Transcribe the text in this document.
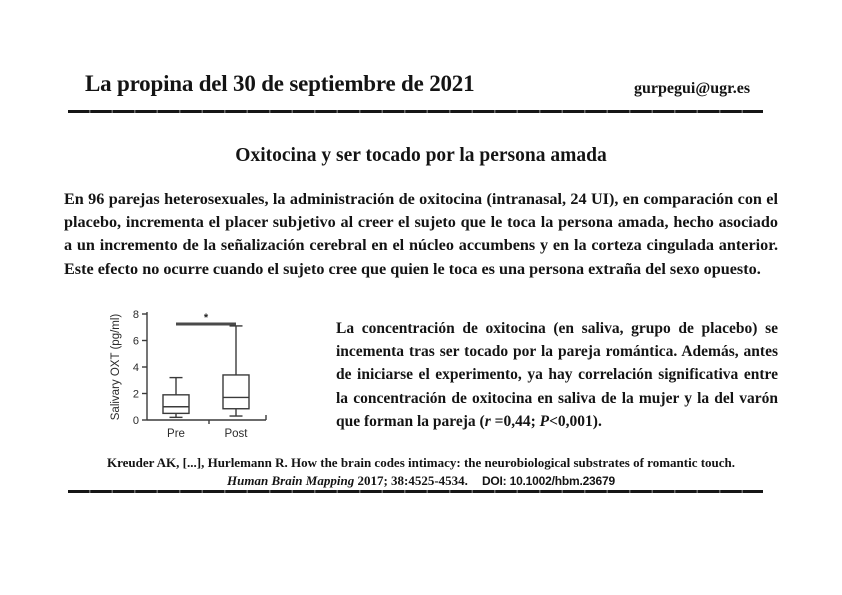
La propina del 30 de septiembre de 2021	gurpegui@ugr.es
Oxitocina y ser tocado por la persona amada
En 96 parejas heterosexuales, la administración de oxitocina (intranasal, 24 UI), en comparación con el placebo, incrementa el placer subjetivo al creer el sujeto que le toca la persona amada, hecho asociado a un incremento de la señalización cerebral en el núcleo accumbens y en la corteza cingulada anterior. Este efecto no ocurre cuando el sujeto cree que quien le toca es una persona extraña del sexo opuesto.
*
0
2
4
6
8
Salivary OXT (pg/ml)
Pre	Post
La concentración de oxitocina (en saliva, grupo de placebo) se incementa tras ser tocado por la pareja romántica. Además, antes de iniciarse el experimento, ya hay correlación significativa entre la concentración de oxitocina en saliva de la mujer y la del varón que forman la pareja (r =0,44; P<0,001).
Kreuder AK, [...], Hurlemann R. How the brain codes intimacy: the neurobiological substrates of romantic touch.
Human Brain Mapping 2017; 38:4525-4534. DOI: 10.1002/hbm.23679
